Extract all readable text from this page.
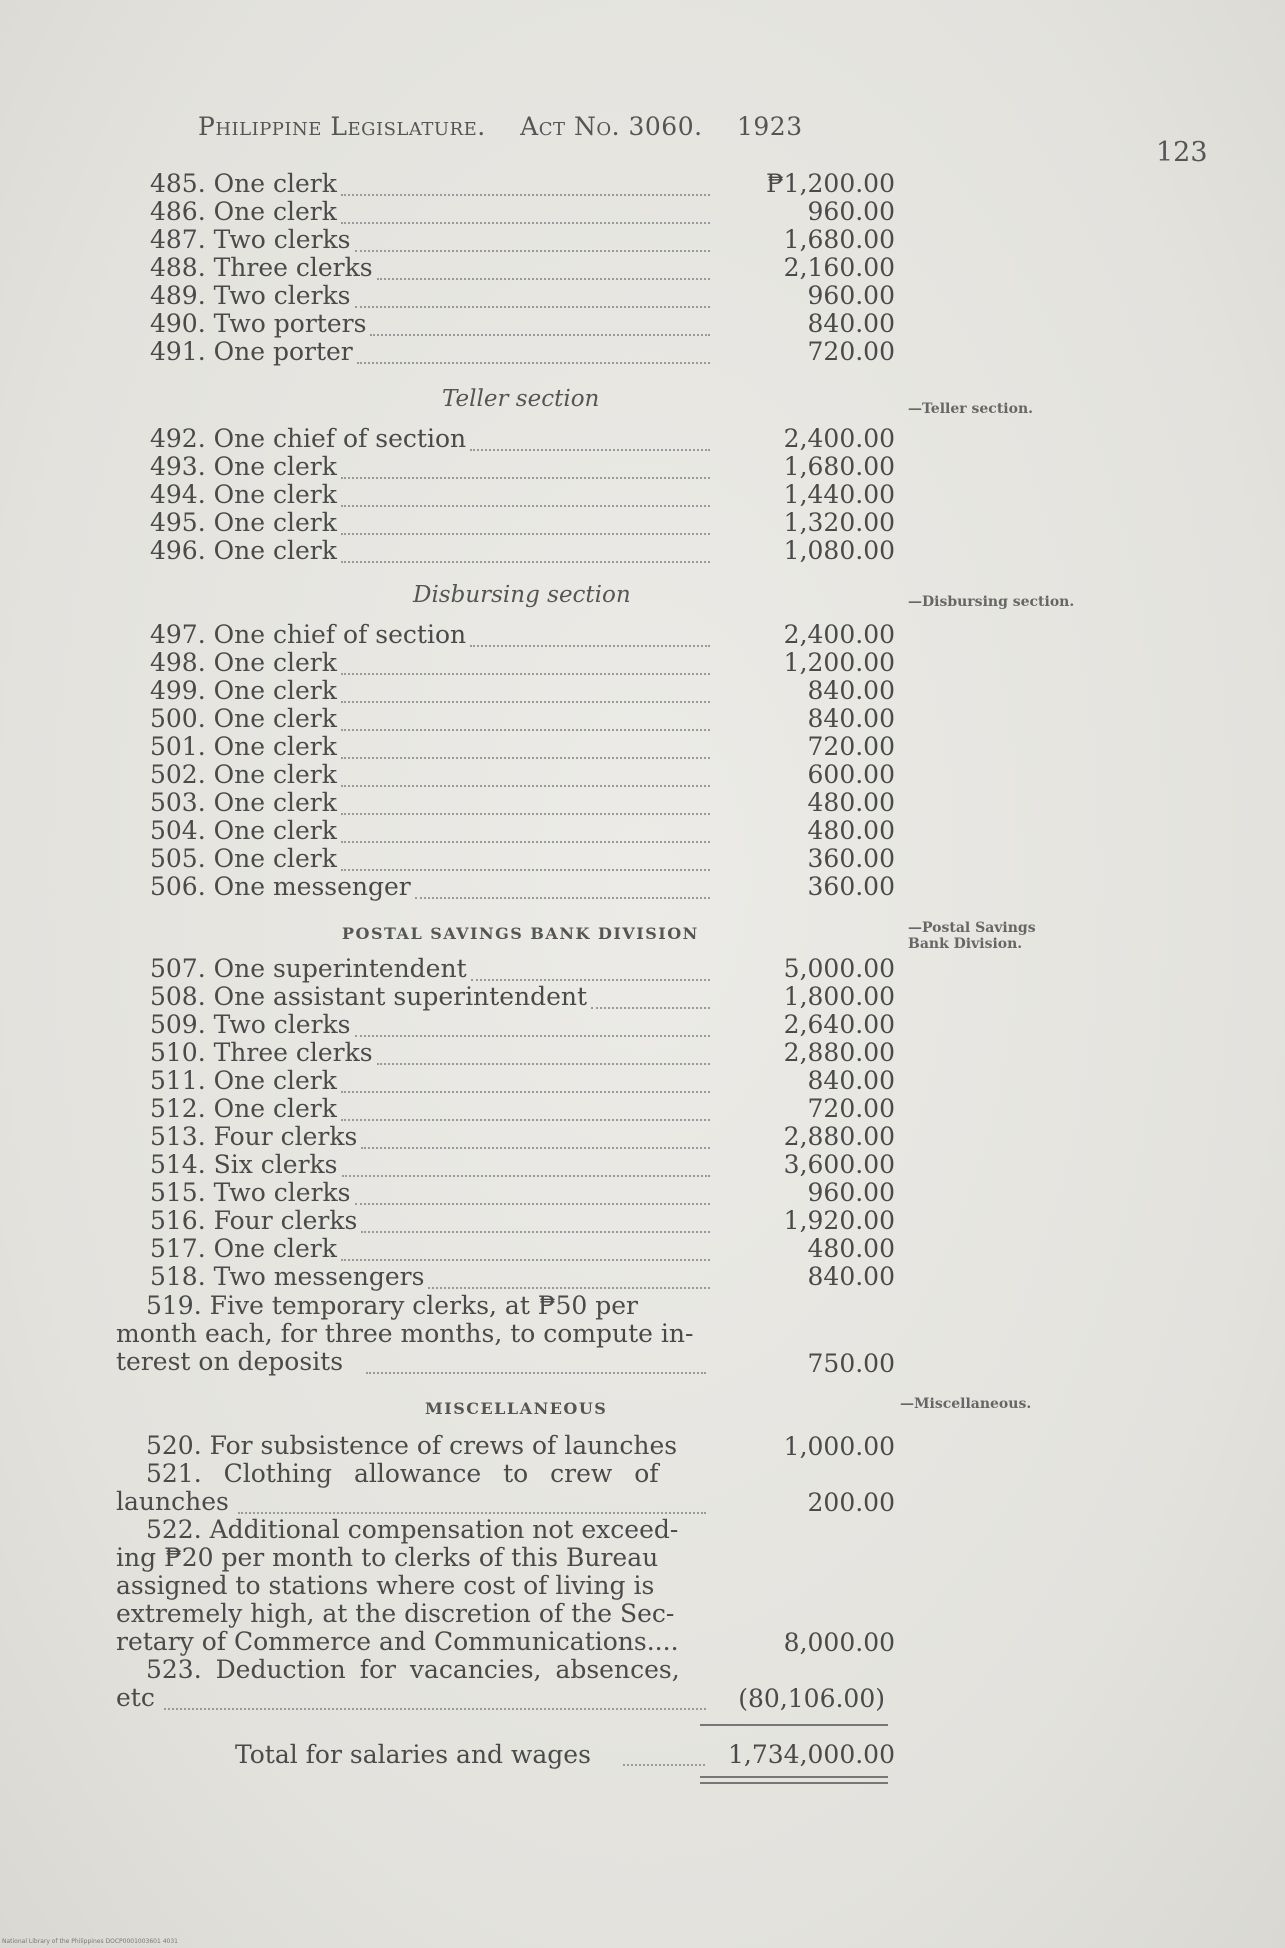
Philippine Legislature. Act No. 3060. 1923
123
485. One clerk	₱1,200.00
486. One clerk	960.00
487. Two clerks	1,680.00
488. Three clerks	2,160.00
489. Two clerks	960.00
490. Two porters	840.00
491. One porter	720.00
Teller section	—Teller section.
492. One chief of section	2,400.00
493. One clerk	1,680.00
494. One clerk	1,440.00
495. One clerk	1,320.00
496. One clerk	1,080.00
Disbursing section	—Disbursing section.
497. One chief of section	2,400.00
498. One clerk	1,200.00
499. One clerk	840.00
500. One clerk	840.00
501. One clerk	720.00
502. One clerk	600.00
503. One clerk	480.00
504. One clerk	480.00
505. One clerk	360.00
506. One messenger	360.00
POSTAL SAVINGS BANK DIVISION	—Postal Savings
Bank Division.
507. One superintendent	5,000.00
508. One assistant superintendent	1,800.00
509. Two clerks	2,640.00
510. Three clerks	2,880.00
511. One clerk	840.00
512. One clerk	720.00
513. Four clerks	2,880.00
514. Six clerks	3,600.00
515. Two clerks	960.00
516. Four clerks	1,920.00
517. One clerk	480.00
518. Two messengers	840.00
519. Five temporary clerks, at ₱50 per
month each, for three months, to compute in-
terest on deposits	750.00
MISCELLANEOUS	—Miscellaneous.
520. For subsistence of crews of launches	1,000.00
521. Clothing allowance to crew of
launches	200.00
522. Additional compensation not exceed-
ing ₱20 per month to clerks of this Bureau
assigned to stations where cost of living is
extremely high, at the discretion of the Sec-
retary of Commerce and Communications....	8,000.00
523. Deduction for vacancies, absences,
etc	(80,106.00)
Total for salaries and wages	1,734,000.00
National Library of the Philippines DOCP0001003601 4031
